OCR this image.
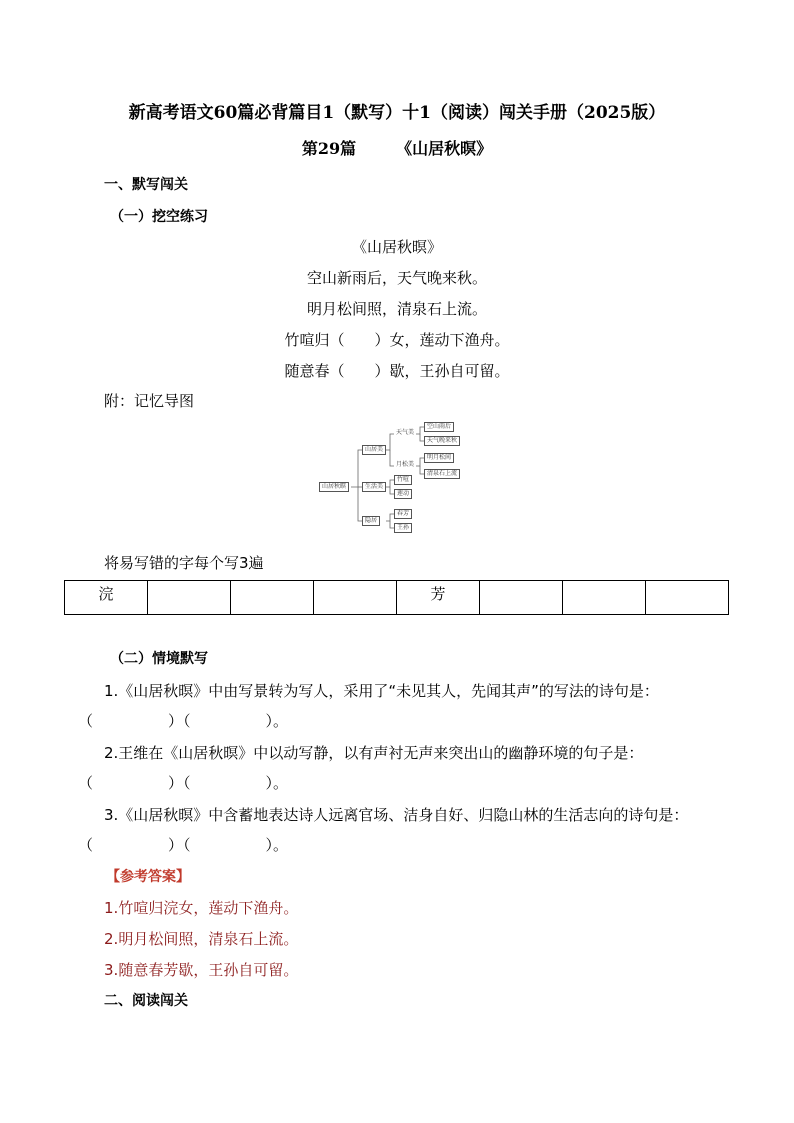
新高考语文60篇必背篇目1（默写）十1（阅读）闯关手册（2025版）
第29篇	《山居秋暝》
一、默写闯关
（一）挖空练习
《山居秋暝》
空山新雨后，天气晚来秋。
明月松间照，清泉石上流。
竹喧归（　　）女，莲动下渔舟。
随意春（　　）歇，王孙自可留。
附：记忆导图
山居秋暝
山居美
生活美
隐居
天气美
月松美
空山雨后
天气晚来秋
明月松间
清泉石上流
竹喧
莲动
春芳
王孙
将易写错的字每个写3遍
浣				芳			
（二）情境默写
1.《山居秋暝》中由写景转为写人，采用了“未见其人，先闻其声”的写法的诗句是：
（　　　　　）（　　　　　）。
2.王维在《山居秋暝》中以动写静，以有声衬无声来突出山的幽静环境的句子是：
（　　　　　）（　　　　　）。
3.《山居秋暝》中含蓄地表达诗人远离官场、洁身自好、归隐山林的生活志向的诗句是：
（　　　　　）（　　　　　）。
【参考答案】
1.竹喧归浣女，莲动下渔舟。
2.明月松间照，清泉石上流。
3.随意春芳歇，王孙自可留。
二、阅读闯关
